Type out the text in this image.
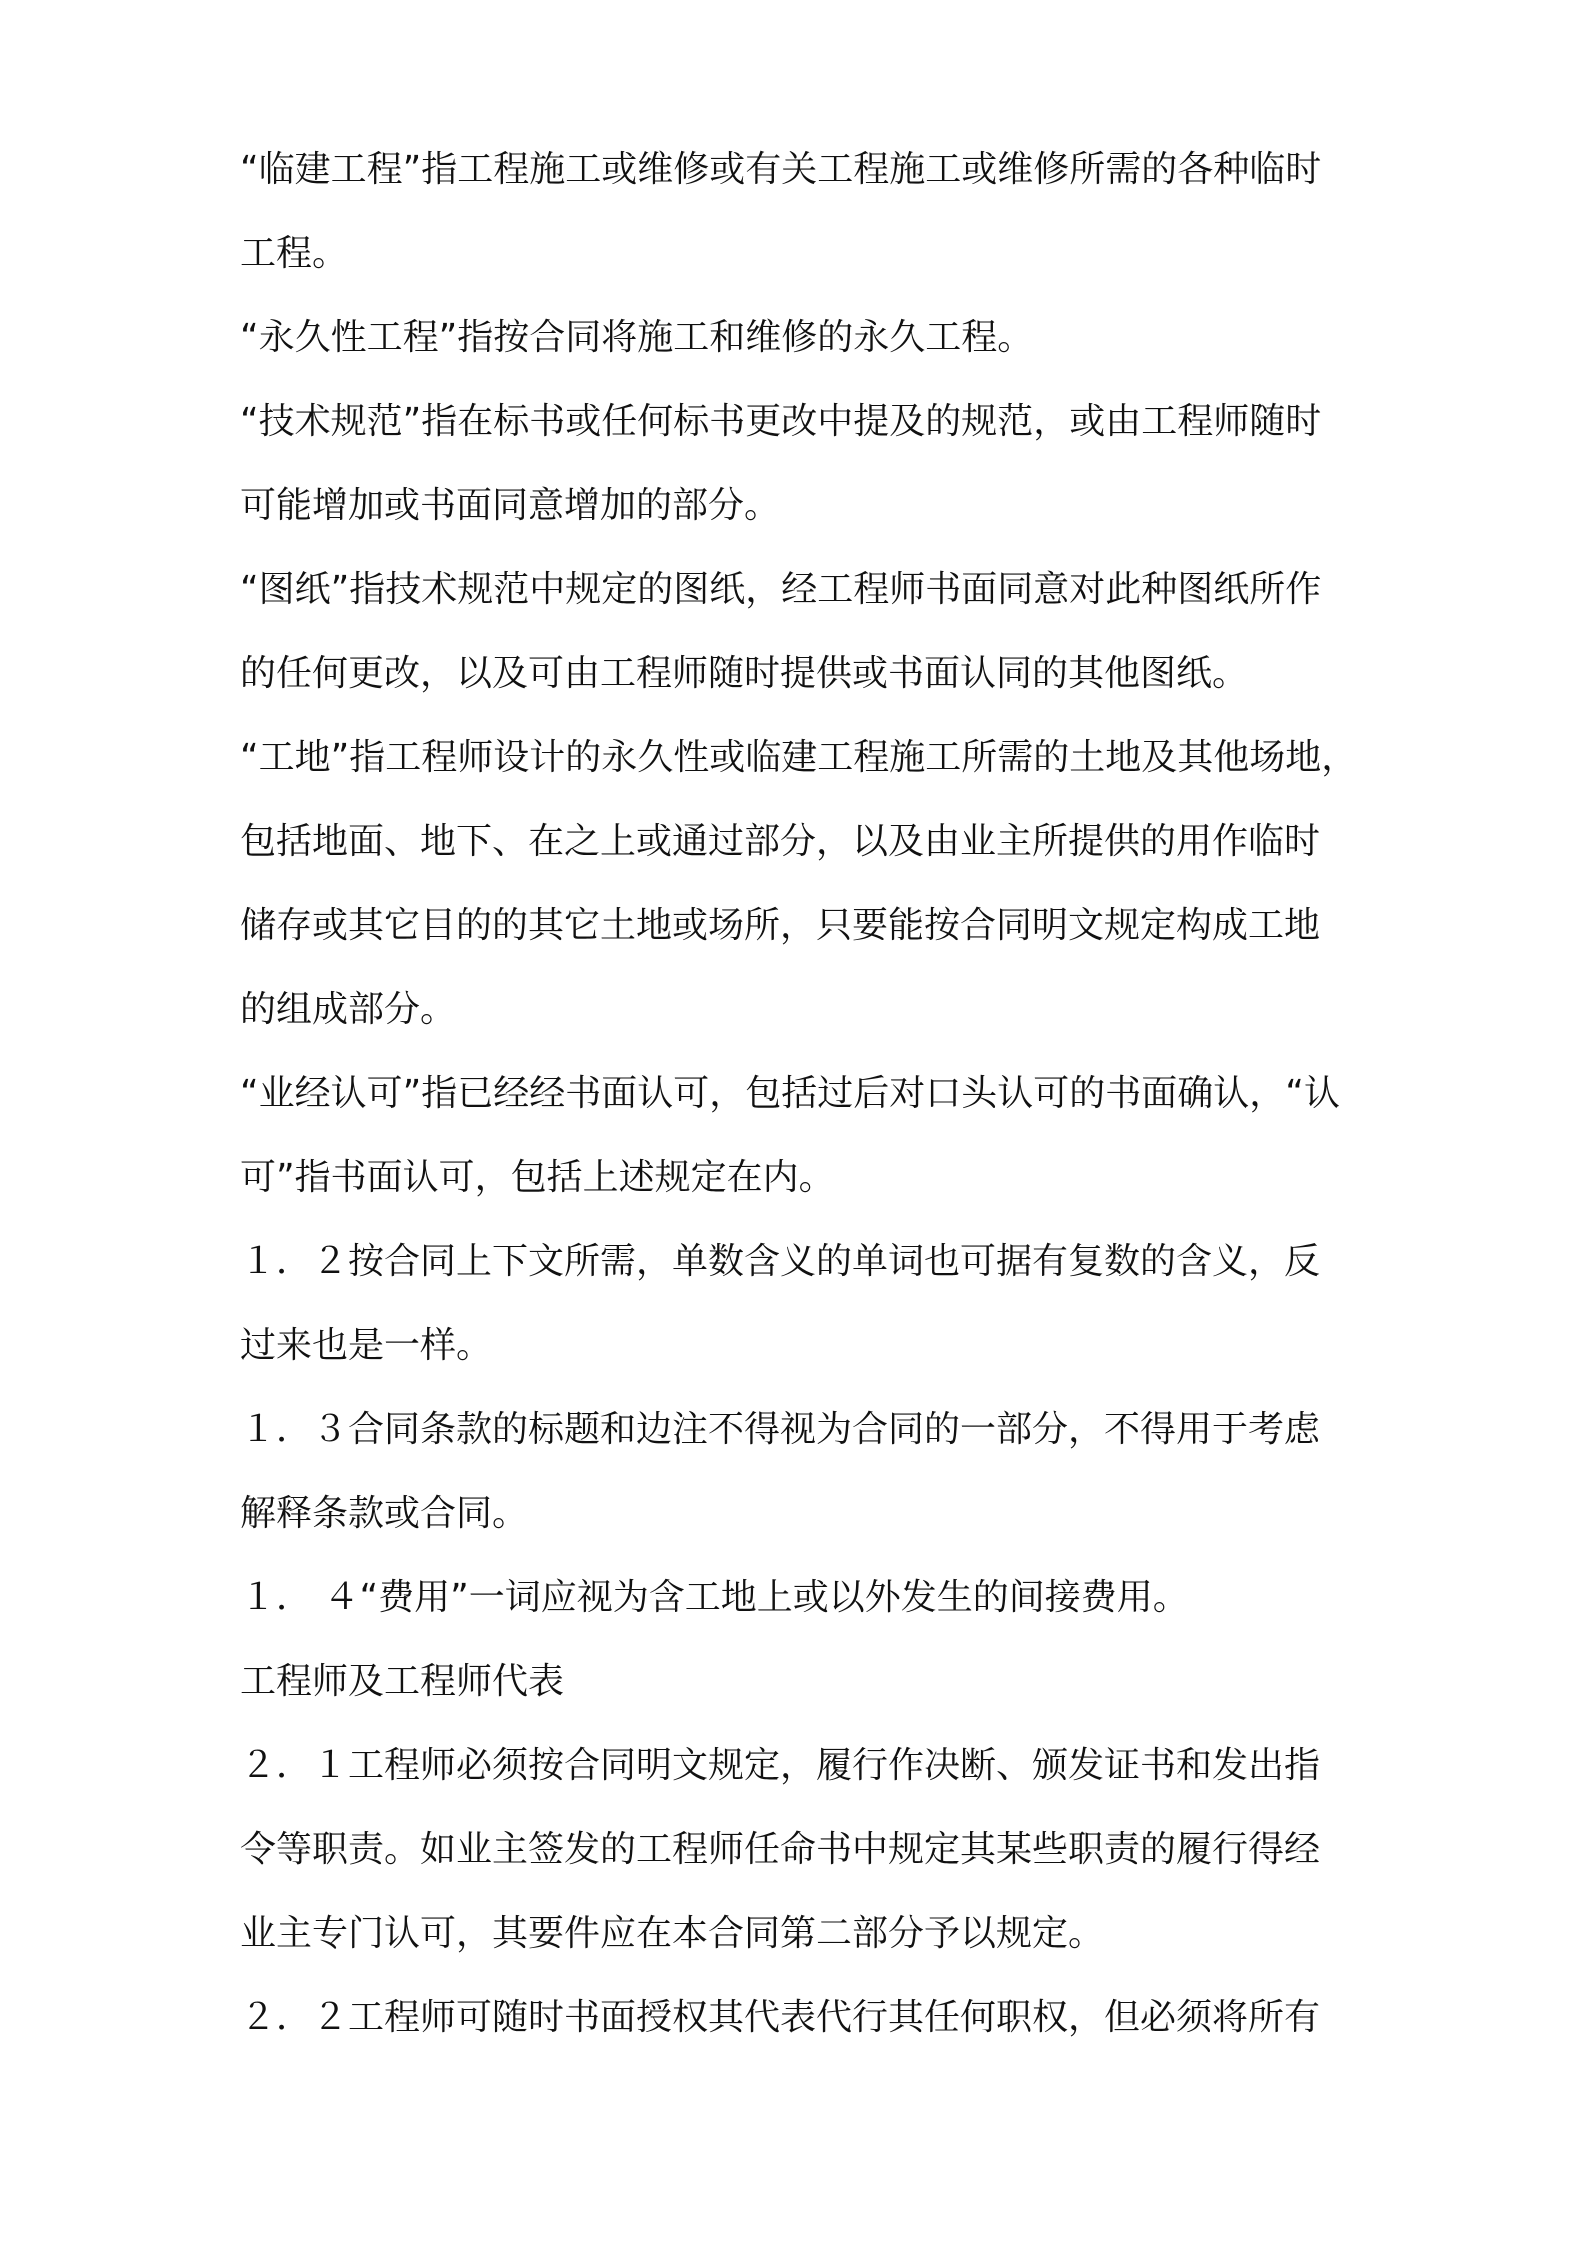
“临建工程”指工程施工或维修或有关工程施工或维修所需的各种临时
工程。
“永久性工程”指按合同将施工和维修的永久工程。
“技术规范”指在标书或任何标书更改中提及的规范，或由工程师随时
可能增加或书面同意增加的部分。
“图纸”指技术规范中规定的图纸，经工程师书面同意对此种图纸所作
的任何更改，以及可由工程师随时提供或书面认同的其他图纸。
“工地”指工程师设计的永久性或临建工程施工所需的土地及其他场地，
包括地面、地下、在之上或通过部分，以及由业主所提供的用作临时
储存或其它目的的其它土地或场所，只要能按合同明文规定构成工地
的组成部分。
“业经认可”指已经经书面认可，包括过后对口头认可的书面确认，“认
可”指书面认可，包括上述规定在内。
１．２按合同上下文所需，单数含义的单词也可据有复数的含义，反
过来也是一样。
１．３合同条款的标题和边注不得视为合同的一部分，不得用于考虑
解释条款或合同。
１． ４“费用”一词应视为含工地上或以外发生的间接费用。
工程师及工程师代表
２．１工程师必须按合同明文规定，履行作决断、颁发证书和发出指
令等职责。如业主签发的工程师任命书中规定其某些职责的履行得经
业主专门认可，其要件应在本合同第二部分予以规定。
２．２工程师可随时书面授权其代表代行其任何职权，但必须将所有
